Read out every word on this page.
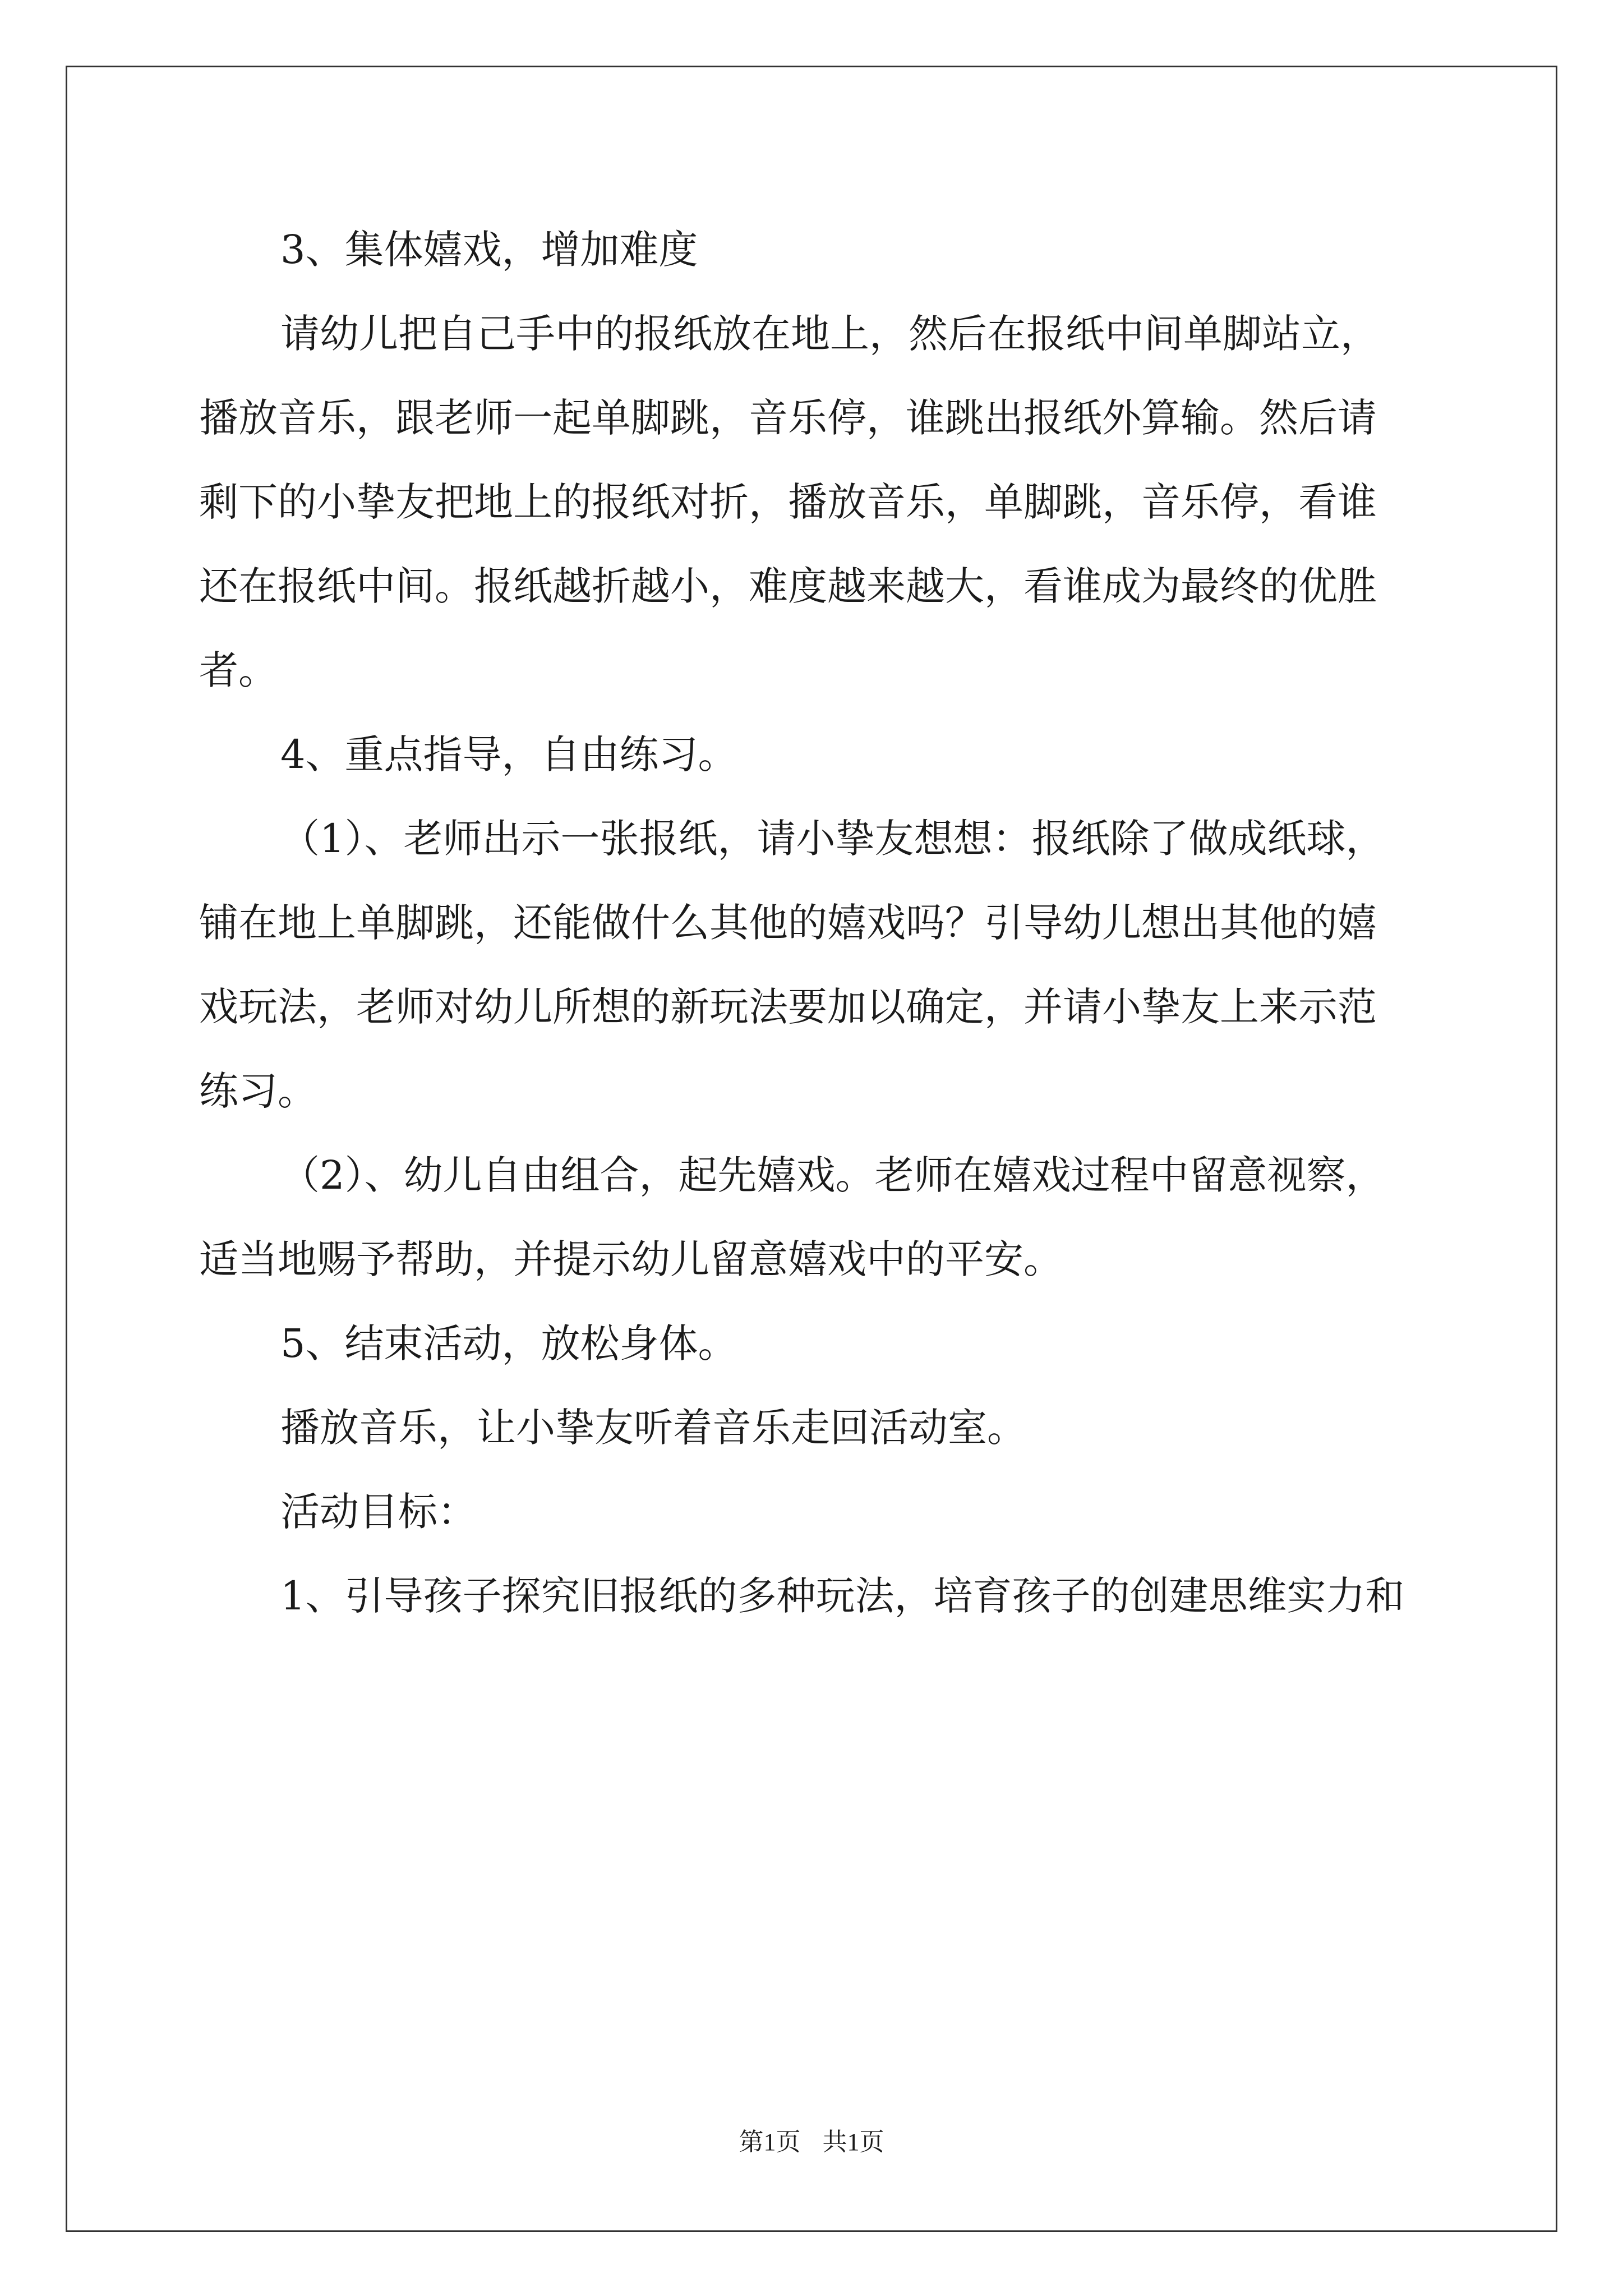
3、集体嬉戏，增加难度

请幼儿把自己手中的报纸放在地上，然后在报纸中间单脚站立，

播放音乐，跟老师一起单脚跳，音乐停，谁跳出报纸外算输。然后请

剩下的小挚友把地上的报纸对折，播放音乐，单脚跳，音乐停，看谁

还在报纸中间。报纸越折越小，难度越来越大，看谁成为最终的优胜

者。

4、重点指导，自由练习。

（1）、老师出示一张报纸，请小挚友想想：报纸除了做成纸球，

铺在地上单脚跳，还能做什么其他的嬉戏吗？引导幼儿想出其他的嬉

戏玩法，老师对幼儿所想的新玩法要加以确定，并请小挚友上来示范

练习。

（2）、幼儿自由组合，起先嬉戏。老师在嬉戏过程中留意视察，

适当地赐予帮助，并提示幼儿留意嬉戏中的平安。

5、结束活动，放松身体。

播放音乐，让小挚友听着音乐走回活动室。

活动目标：

1、引导孩子探究旧报纸的多种玩法，培育孩子的创建思维实力和

第1页 共1页
